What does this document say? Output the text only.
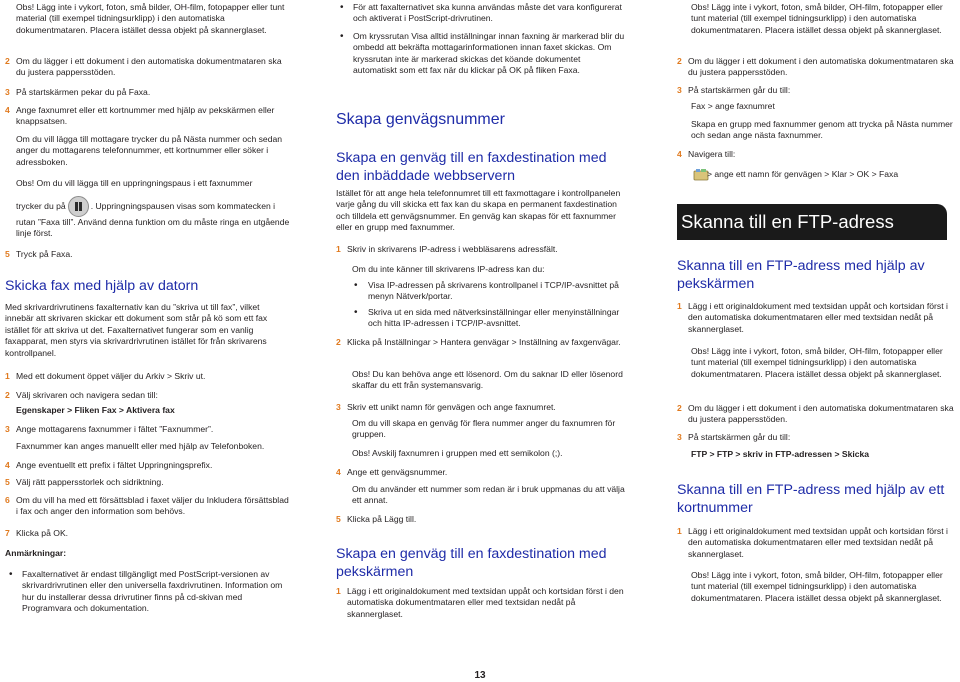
Obs! Lägg inte i vykort, foton, små bilder, OH-film, fotopapper eller tunt material (till exempel tidningsurklipp) i den automatiska dokumentmataren. Placera istället dessa objekt på skannerglaset.

2 Om du lägger i ett dokument i den automatiska dokumentmataren ska du justera pappersstöden.

3 På startskärmen pekar du på Faxa.

4 Ange faxnumret eller ett kortnummer med hjälp av pekskärmen eller knappsatsen.

Om du vill lägga till mottagare trycker du på Nästa nummer och sedan anger du mottagarens telefonnummer, ett kortnummer eller söker i adressboken.

Obs! Om du vill lägga till en uppringningspaus i ett faxnummer

trycker du på	. Uppringningspausen visas som kommatecken i rutan ”Faxa till”. Använd denna funktion om du måste ringa en utgående linje först.
5 Tryck på Faxa.

Skicka fax med hjälp av datorn

Med skrivardrivrutinens faxalternativ kan du ”skriva ut till fax”, vilket innebär att skrivaren skickar ett dokument som står på kö som ett fax istället för att skriva ut det. Faxalternativet fungerar som en vanlig faxapparat, men styrs via skrivardrivrutinen istället för från skrivarens kontrollpanel.

1 Med ett dokument öppet väljer du Arkiv > Skriv ut.

2 Välj skrivaren och navigera sedan till:

Egenskaper > Fliken Fax > Aktivera fax

3 Ange mottagarens faxnummer i fältet ”Faxnummer”.

Faxnummer kan anges manuellt eller med hjälp av Telefonboken.

4 Ange eventuellt ett prefix i fältet Uppringningsprefix.

5 Välj rätt pappersstorlek och sidriktning.

6 Om du vill ha med ett försättsblad i faxet väljer du Inkludera försättsblad i fax och anger den information som behövs.

7 Klicka på OK.

Anmärkningar:

• Faxalternativet är endast tillgängligt med PostScript-versionen av skrivardrivrutinen eller den universella faxdrivrutinen. Information om hur du installerar dessa drivrutiner finns på cd-skivan med Programvara och dokumentation.

• För att faxalternativet ska kunna användas måste det vara konfigurerat och aktiverat i PostScript-drivrutinen.

• Om kryssrutan Visa alltid inställningar innan faxning är markerad blir du ombedd att bekräfta mottagarinformationen innan faxet skickas. Om kryssrutan inte är markerad skickas det köande dokumentet automatiskt som ett fax när du klickar på OK på fliken Faxa.

Skapa genvägsnummer
Skapa en genväg till en faxdestination med den inbäddade webbservern

Istället för att ange hela telefonnumret till ett faxmottagare i kontrollpanelen varje gång du vill skicka ett fax kan du skapa en permanent faxdestination och tilldela ett genvägsnummer. En genväg kan skapas för ett faxnummer eller en grupp med faxnummer.

1 Skriv in skrivarens IP-adress i webbläsarens adressfält.

Om du inte känner till skrivarens IP-adress kan du:

• Visa IP-adressen på skrivarens kontrollpanel i TCP/IP-avsnittet på menyn Nätverk/portar.

• Skriva ut en sida med nätverksinställningar eller menyinställningar och hitta IP-adressen i TCP/IP-avsnittet.

2 Klicka på Inställningar > Hantera genvägar > Inställning av faxgenvägar.

Obs! Du kan behöva ange ett lösenord. Om du saknar ID eller lösenord skaffar du ett från systemansvarig.

3 Skriv ett unikt namn för genvägen och ange faxnumret.

Om du vill skapa en genväg för flera nummer anger du faxnumren för gruppen.

Obs! Avskilj faxnumren i gruppen med ett semikolon (;).

4 Ange ett genvägsnummer.

Om du använder ett nummer som redan är i bruk uppmanas du att välja ett annat.

5 Klicka på Lägg till.

Skapa en genväg till en faxdestination med pekskärmen
1 Lägg i ett originaldokument med textsidan uppåt och kortsidan först i den automatiska dokumentmataren eller med textsidan nedåt på skannerglaset.

Obs! Lägg inte i vykort, foton, små bilder, OH-film, fotopapper eller tunt material (till exempel tidningsurklipp) i den automatiska dokumentmataren. Placera istället dessa objekt på skannerglaset.

2 Om du lägger i ett dokument i den automatiska dokumentmataren ska du justera pappersstöden.

3 På startskärmen går du till:

Fax > ange faxnumret

Skapa en grupp med faxnummer genom att trycka på Nästa nummer och sedan ange nästa faxnummer.

4 Navigera till:

> ange ett namn för genvägen > Klar > OK > Faxa

Skanna till en FTP-adress
Skanna till en FTP-adress med hjälp av pekskärmen
1 Lägg i ett originaldokument med textsidan uppåt och kortsidan först i den automatiska dokumentmataren eller med textsidan nedåt på skannerglaset.

Obs! Lägg inte i vykort, foton, små bilder, OH-film, fotopapper eller tunt material (till exempel tidningsurklipp) i den automatiska dokumentmataren. Placera istället dessa objekt på skannerglaset.

2 Om du lägger i ett dokument i den automatiska dokumentmataren ska du justera pappersstöden.

3 På startskärmen går du till:

FTP > FTP > skriv in FTP-adressen > Skicka

Skanna till en FTP-adress med hjälp av ett kortnummer
1 Lägg i ett originaldokument med textsidan uppåt och kortsidan först i den automatiska dokumentmataren eller med textsidan nedåt på skannerglaset.

Obs! Lägg inte i vykort, foton, små bilder, OH-film, fotopapper eller tunt material (till exempel tidningsurklipp) i den automatiska dokumentmataren. Placera istället dessa objekt på skannerglaset.

13
